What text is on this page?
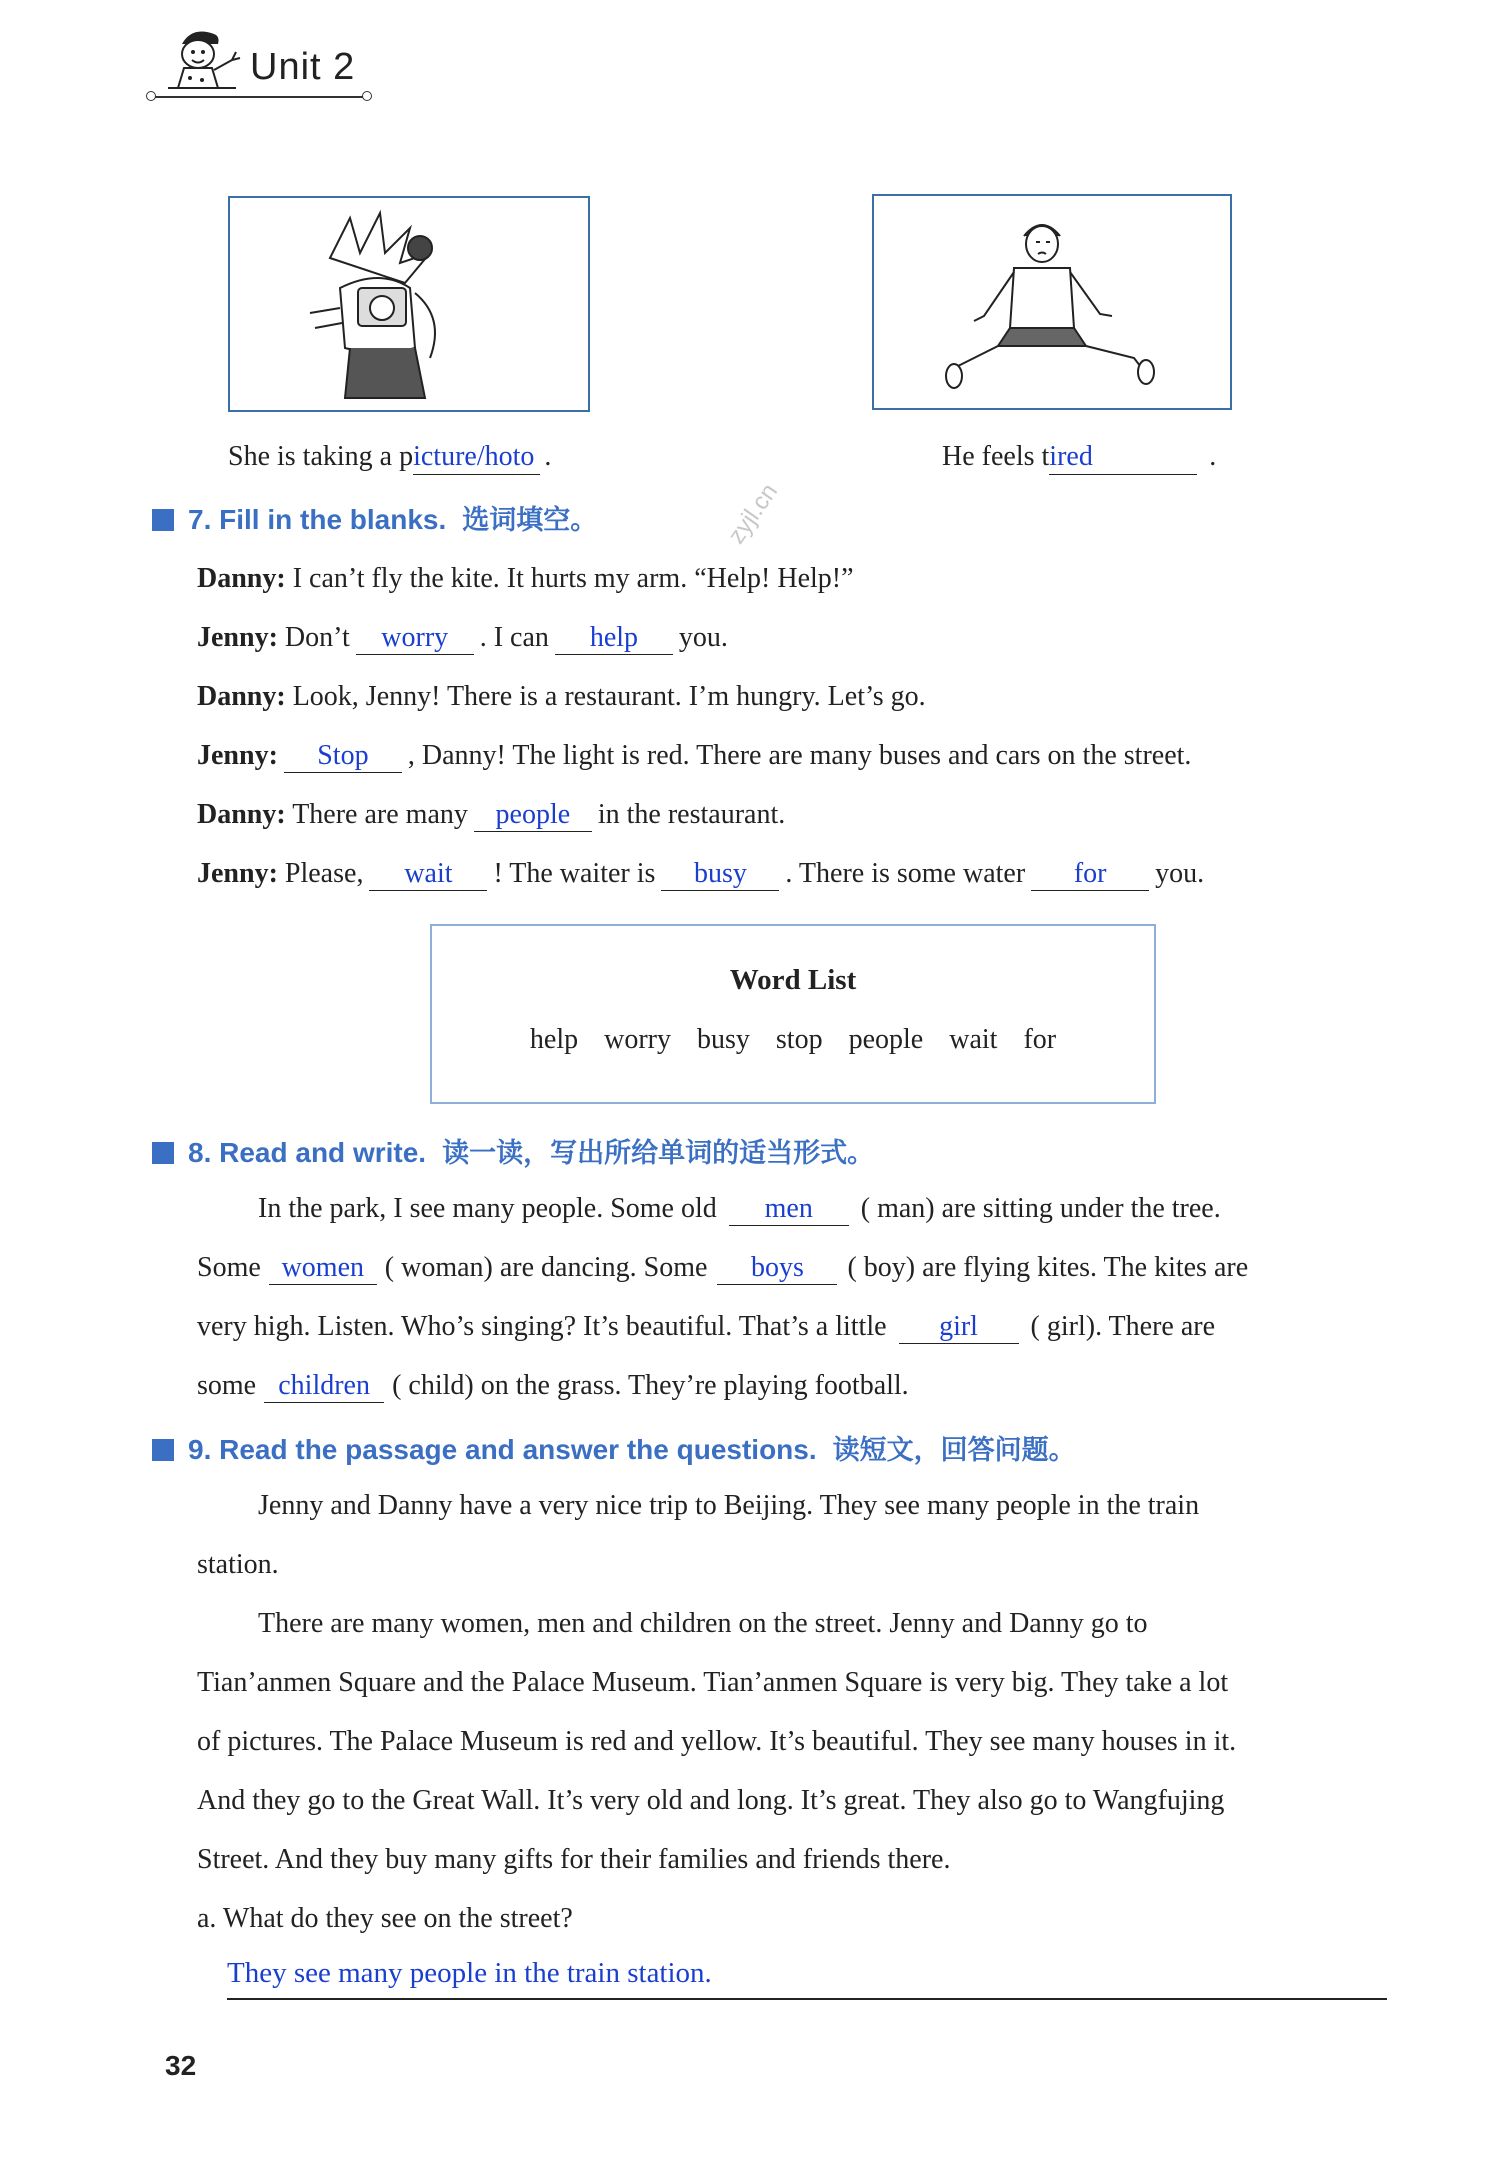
Unit 2
She is taking a picture/hoto .	He feels tired	.
zyjl.cn
7. Fill in the blanks. 选词填空。
Danny: I can’t fly the kite. It hurts my arm. “Help! Help!”
Jenny: Don’t worry . I can help you.
Danny: Look, Jenny! There is a restaurant. I’m hungry. Let’s go.
Jenny: Stop , Danny! The light is red. There are many buses and cars on the street.
Danny: There are many people in the restaurant.
Jenny: Please, wait ! The waiter is busy . There is some water for you.
Word List
help worry busy stop people wait for
8. Read and write. 读一读，写出所给单词的适当形式。
In the park, I see many people. Some old men ( man) are sitting under the tree.
Some women ( woman) are dancing. Some boys ( boy) are flying kites. The kites are
very high. Listen. Who’s singing? It’s beautiful. That’s a little girl ( girl). There are
some children ( child) on the grass. They’re playing football.
9. Read the passage and answer the questions. 读短文，回答问题。
Jenny and Danny have a very nice trip to Beijing. They see many people in the train
station.
There are many women, men and children on the street. Jenny and Danny go to
Tian’anmen Square and the Palace Museum. Tian’anmen Square is very big. They take a lot
of pictures. The Palace Museum is red and yellow. It’s beautiful. They see many houses in it.
And they go to the Great Wall. It’s very old and long. It’s great. They also go to Wangfujing
Street. And they buy many gifts for their families and friends there.
a. What do they see on the street?
They see many people in the train station.
32
